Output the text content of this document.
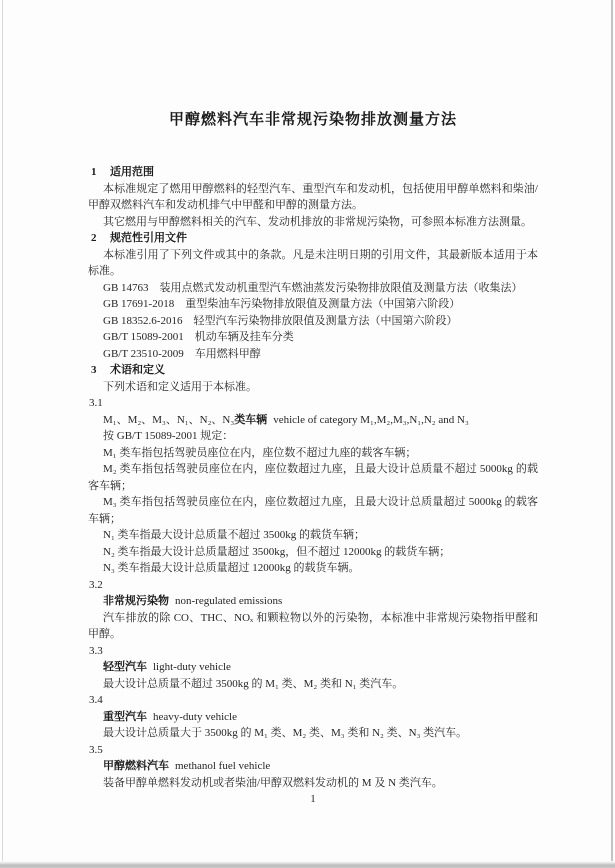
甲醇燃料汽车非常规污染物排放测量方法
1 适用范围
本标准规定了燃用甲醇燃料的轻型汽车、重型汽车和发动机，包括使用甲醇单燃料和柴油/甲醇双燃料汽车和发动机排气中甲醛和甲醇的测量方法。
其它燃用与甲醇燃料相关的汽车、发动机排放的非常规污染物，可参照本标准方法测量。
2 规范性引用文件
本标准引用了下列文件或其中的条款。凡是未注明日期的引用文件，其最新版本适用于本标准。
GB 14763 装用点燃式发动机重型汽车燃油蒸发污染物排放限值及测量方法（收集法）
GB 17691-2018 重型柴油车污染物排放限值及测量方法（中国第六阶段）
GB 18352.6-2016 轻型汽车污染物排放限值及测量方法（中国第六阶段）
GB/T 15089-2001 机动车辆及挂车分类
GB/T 23510-2009 车用燃料甲醇
3 术语和定义
下列术语和定义适用于本标准。
3.1
M₁、M₂、M₃、N₁、N₂、N₃类车辆 vehicle of category M₁,M₂,M₃,N₁,N₂ and N₃
按 GB/T 15089-2001 规定：
M₁ 类车指包括驾驶员座位在内，座位数不超过九座的载客车辆；
M₂ 类车指包括驾驶员座位在内，座位数超过九座，且最大设计总质量不超过 5000kg 的载客车辆；
M₃ 类车指包括驾驶员座位在内，座位数超过九座，且最大设计总质量超过 5000kg 的载客车辆；
N₁ 类车指最大设计总质量不超过 3500kg 的载货车辆；
N₂ 类车指最大设计总质量超过 3500kg，但不超过 12000kg 的载货车辆；
N₃ 类车指最大设计总质量超过 12000kg 的载货车辆。
3.2
非常规污染物 non-regulated emissions
汽车排放的除 CO、THC、NOₓ 和颗粒物以外的污染物，本标准中非常规污染物指甲醛和甲醇。
3.3
轻型汽车 light-duty vehicle
最大设计总质量不超过 3500kg 的 M₁ 类、M₂ 类和 N₁ 类汽车。
3.4
重型汽车 heavy-duty vehicle
最大设计总质量大于 3500kg 的 M₁ 类、M₂ 类、M₃ 类和 N₂ 类、N₃ 类汽车。
3.5
甲醇燃料汽车 methanol fuel vehicle
装备甲醇单燃料发动机或者柴油/甲醇双燃料发动机的 M 及 N 类汽车。
1
